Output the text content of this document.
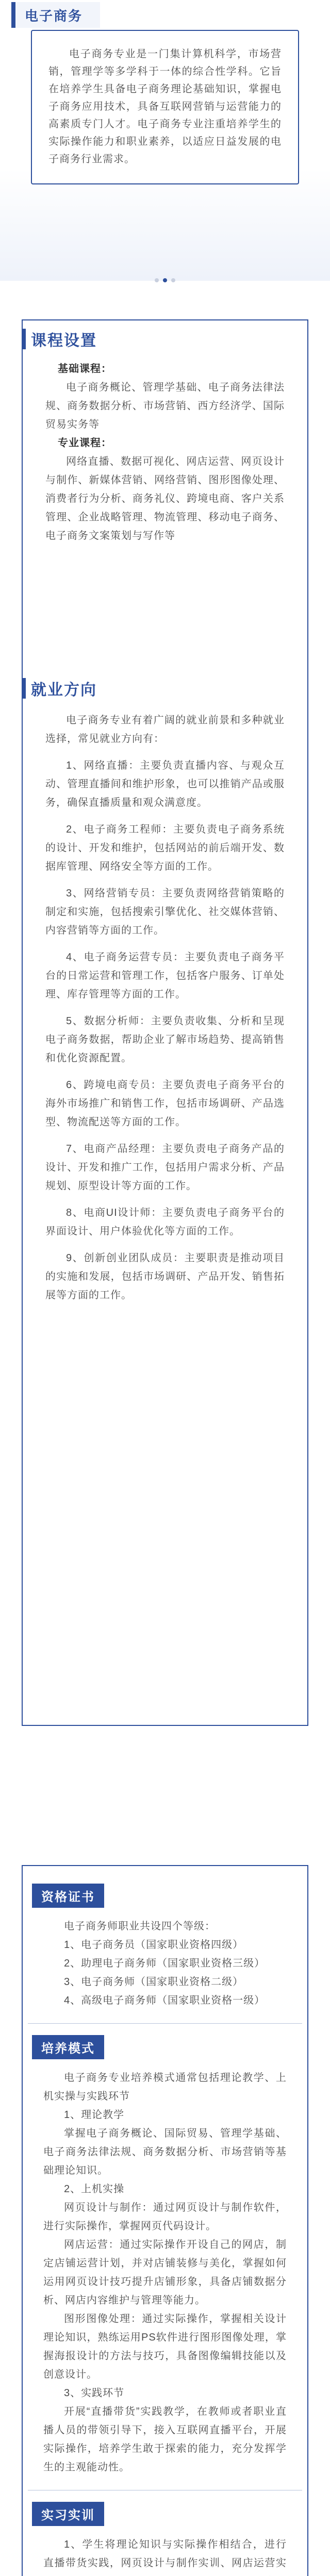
电子商务

电子商务专业是一门集计算机科学，市场营销，管理学等多学科于一体的综合性学科。它旨在培养学生具备电子商务理论基础知识，掌握电子商务应用技术，具备互联网营销与运营能力的高素质专门人才。电子商务专业注重培养学生的实际操作能力和职业素养，以适应日益发展的电子商务行业需求。

课程设置

基础课程：

电子商务概论、管理学基础、电子商务法律法规、商务数据分析、市场营销、西方经济学、国际贸易实务等

专业课程：

网络直播、数据可视化、网店运营、网页设计与制作、新媒体营销、网络营销、图形图像处理、消费者行为分析、商务礼仪、跨境电商、客户关系管理、企业战略管理、物流管理、移动电子商务、电子商务文案策划与写作等

就业方向

电子商务专业有着广阔的就业前景和多种就业选择，常见就业方向有：

1、网络直播：主要负责直播内容、与观众互动、管理直播间和维护形象，也可以推销产品或服务，确保直播质量和观众满意度。

2、电子商务工程师：主要负责电子商务系统的设计、开发和维护，包括网站的前后端开发、数据库管理、网络安全等方面的工作。

3、网络营销专员：主要负责网络营销策略的制定和实施，包括搜索引擎优化、社交媒体营销、内容营销等方面的工作。

4、电子商务运营专员：主要负责电子商务平台的日常运营和管理工作，包括客户服务、订单处理、库存管理等方面的工作。

5、数据分析师：主要负责收集、分析和呈现电子商务数据，帮助企业了解市场趋势、提高销售和优化资源配置。

6、跨境电商专员：主要负责电子商务平台的海外市场推广和销售工作，包括市场调研、产品选型、物流配送等方面的工作。

7、电商产品经理：主要负责电子商务产品的设计、开发和推广工作，包括用户需求分析、产品规划、原型设计等方面的工作。

8、电商UI设计师：主要负责电子商务平台的界面设计、用户体验优化等方面的工作。

9、创新创业团队成员：主要职责是推动项目的实施和发展，包括市场调研、产品开发、销售拓展等方面的工作。

资格证书

电子商务师职业共设四个等级：

1、电子商务员（国家职业资格四级）

2、助理电子商务师（国家职业资格三级）

3、电子商务师（国家职业资格二级）

4、高级电子商务师（国家职业资格一级）

培养模式

电子商务专业培养模式通常包括理论教学、上机实操与实践环节

1、理论教学

掌握电子商务概论、国际贸易、管理学基础、电子商务法律法规、商务数据分析、市场营销等基础理论知识。

2、上机实操

网页设计与制作：通过网页设计与制作软件，进行实际操作，掌握网页代码设计。

网店运营：通过实际操作开设自己的网店，制定店铺运营计划，并对店铺装修与美化，掌握如何运用网页设计技巧提升店铺形象，具备店铺数据分析、网店内容维护与管理等能力。

图形图像处理：通过实际操作，掌握相关设计理论知识，熟练运用PS软件进行图形图像处理，掌握海报设计的方法与技巧，具备图像编辑技能以及创意设计。

3、实践环节

开展“直播带货”实践教学，在教师或者职业直播人员的带领引导下，接入互联网直播平台，开展实际操作，培养学生敢于探索的能力，充分发挥学生的主观能动性。

实习实训

1、学生将理论知识与实际操作相结合，进行直播带货实践，网页设计与制作实训、网店运营实
